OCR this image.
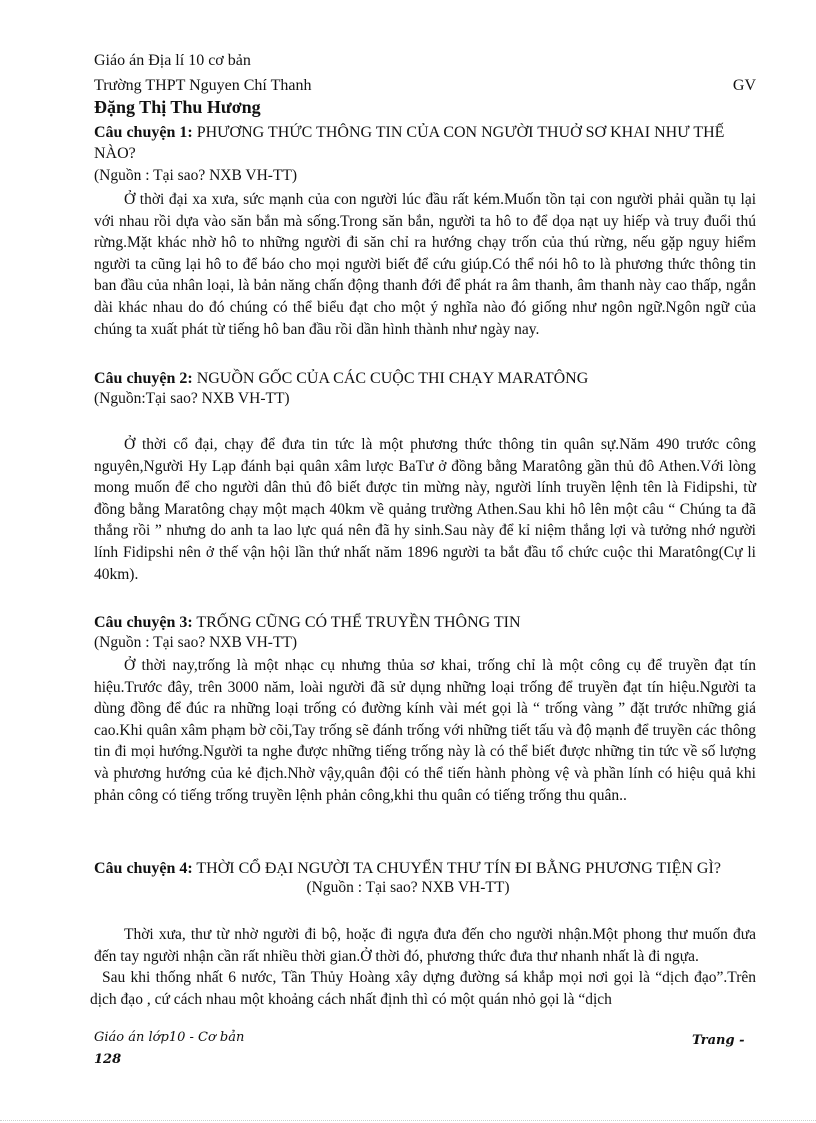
Giáo án Địa lí 10 cơ bản
Trường THPT Nguyen Chí Thanh	GV
Đặng Thị Thu Hương
Câu chuyện 1: PHƯƠNG THỨC THÔNG TIN CỦA CON NGƯỜI THUỞ SƠ KHAI NHƯ THẾ NÀO?
(Nguồn : Tại sao? NXB VH-TT)

Ở thời đại xa xưa, sức mạnh của con người lúc đầu rất kém.Muốn tồn tại con người phải quần tụ lại với nhau rồi dựa vào săn bắn mà sống.Trong săn bắn, người ta hô to để dọa nạt uy hiếp và truy đuổi thú rừng.Mặt khác nhờ hô to những người đi săn chỉ ra hướng chạy trốn của thú rừng, nếu gặp nguy hiểm người ta cũng lại hô to để báo cho mọi người biết để cứu giúp.Có thể nói hô to là phương thức thông tin ban đầu của nhân loại, là bản năng chấn động thanh đới để phát ra âm thanh, âm thanh này cao thấp, ngắn dài khác nhau do đó chúng có thể biểu đạt cho một ý nghĩa nào đó giống như ngôn ngữ.Ngôn ngữ của chúng ta xuất phát từ tiếng hô ban đầu rồi dần hình thành như ngày nay.

Câu chuyện 2: NGUỒN GỐC CỦA CÁC CUỘC THI CHẠY MARATÔNG
(Nguồn:Tại sao? NXB VH-TT)

Ở thời cổ đại, chạy để đưa tin tức là một phương thức thông tin quân sự.Năm 490 trước công nguyên,Người Hy Lạp đánh bại quân xâm lược BaTư ở đồng bằng Maratông gần thủ đô Athen.Với lòng mong muốn để cho người dân thủ đô biết được tin mừng này, người lính truyền lệnh tên là Fidipshi, từ đồng bằng Maratông chạy một mạch 40km về quảng trường Athen.Sau khi hô lên một câu “ Chúng ta đã thắng rồi ” nhưng do anh ta lao lực quá nên đã hy sinh.Sau này để kỉ niệm thắng lợi và tưởng nhớ người lính Fidipshi nên ở thế vận hội lần thứ nhất năm 1896 người ta bắt đầu tổ chức cuộc thi Maratông(Cự li 40km).

Câu chuyện 3: TRỐNG CŨNG CÓ THỂ TRUYỀN THÔNG TIN
(Nguồn : Tại sao? NXB VH-TT)

Ở thời nay,trống là một nhạc cụ nhưng thủa sơ khai, trống chỉ là một công cụ để truyền đạt tín hiệu.Trước đây, trên 3000 năm, loài người đã sử dụng những loại trống để truyền đạt tín hiệu.Người ta dùng đồng để đúc ra những loại trống có đường kính vài mét gọi là “ trống vàng ” đặt trước những giá cao.Khi quân xâm phạm bờ cõi,Tay trống sẽ đánh trống với những tiết tấu và độ mạnh để truyền các thông tin đi mọi hướng.Người ta nghe được những tiếng trống này là có thể biết được những tin tức về số lượng và phương hướng của kẻ địch.Nhờ vậy,quân đội có thể tiến hành phòng vệ và phần lính có hiệu quả khi phản công có tiếng trống truyền lệnh phản công,khi thu quân có tiếng trống thu quân..

Câu chuyện 4: THỜI CỔ ĐẠI NGƯỜI TA CHUYỂN THƯ TÍN ĐI BẰNG PHƯƠNG TIỆN GÌ?
(Nguồn : Tại sao? NXB VH-TT)

Thời xưa, thư từ nhờ người đi bộ, hoặc đi ngựa đưa đến cho người nhận.Một phong thư muốn đưa đến tay người nhận cần rất nhiều thời gian.Ở thời đó, phương thức đưa thư nhanh nhất là đi ngựa.

Sau khi thống nhất 6 nước, Tần Thủy Hoàng xây dựng đường sá khắp mọi nơi gọi là “dịch đạo”.Trên dịch đạo , cứ cách nhau một khoảng cách nhất định thì có một quán nhỏ gọi là “dịch

Giáo án lớp10 - Cơ bản
128
Trang -
